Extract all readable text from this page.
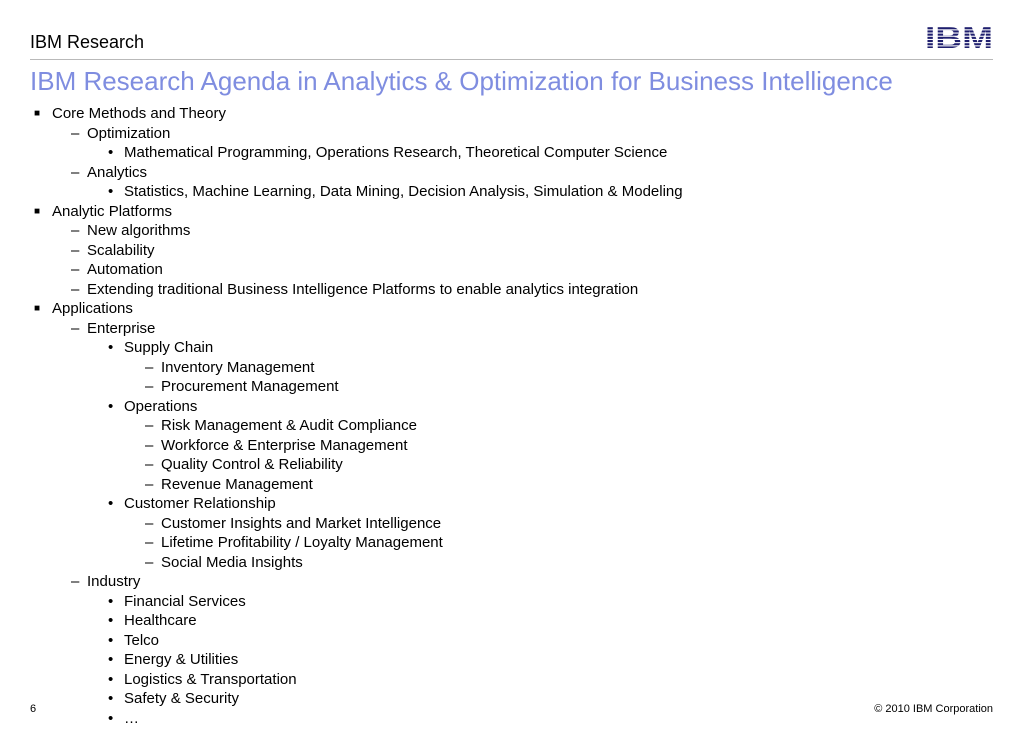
IBM Research	IBM
IBM Research Agenda in Analytics & Optimization for Business Intelligence
■ Core Methods and Theory
– Optimization
• Mathematical Programming, Operations Research, Theoretical Computer Science
– Analytics
• Statistics, Machine Learning, Data Mining, Decision Analysis, Simulation & Modeling
■ Analytic Platforms
– New algorithms
– Scalability
– Automation
– Extending traditional Business Intelligence Platforms to enable analytics integration
■ Applications
– Enterprise
• Supply Chain
– Inventory Management
– Procurement Management
• Operations
– Risk Management & Audit Compliance
– Workforce & Enterprise Management
– Quality Control & Reliability
– Revenue Management
• Customer Relationship
– Customer Insights and Market Intelligence
– Lifetime Profitability / Loyalty Management
– Social Media Insights
– Industry
• Financial Services
• Healthcare
• Telco
• Energy & Utilities
• Logistics & Transportation
• Safety & Security
• …
6	© 2010 IBM Corporation
